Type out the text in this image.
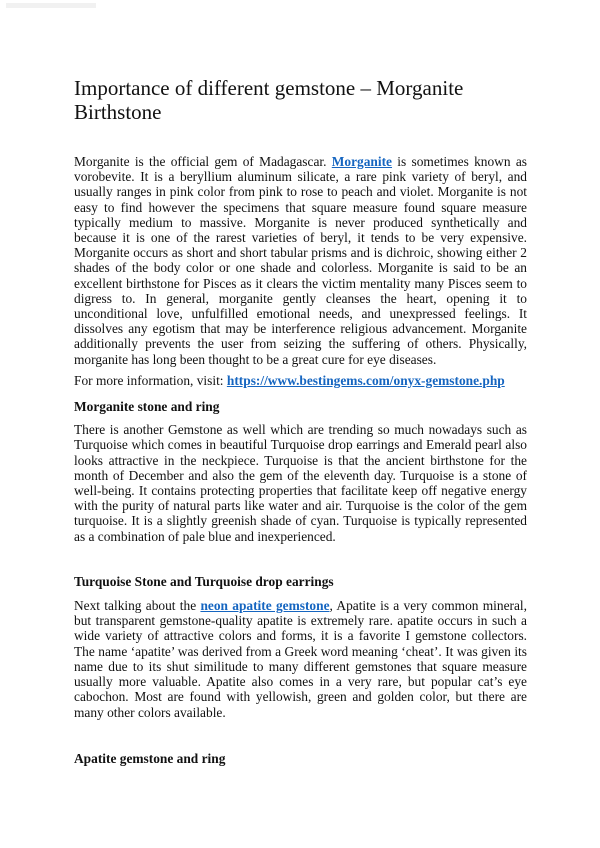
Importance of different gemstone – Morganite Birthstone

Morganite is the official gem of Madagascar. Morganite is sometimes known as vorobevite. It is a beryllium aluminum silicate, a rare pink variety of beryl, and usually ranges in pink color from pink to rose to peach and violet. Morganite is not easy to find however the specimens that square measure found square measure typically medium to massive. Morganite is never produced synthetically and because it is one of the rarest varieties of beryl, it tends to be very expensive. Morganite occurs as short and short tabular prisms and is dichroic, showing either 2 shades of the body color or one shade and colorless. Morganite is said to be an excellent birthstone for Pisces as it clears the victim mentality many Pisces seem to digress to. In general, morganite gently cleanses the heart, opening it to unconditional love, unfulfilled emotional needs, and unexpressed feelings. It dissolves any egotism that may be interference religious advancement. Morganite additionally prevents the user from seizing the suffering of others. Physically, morganite has long been thought to be a great cure for eye diseases.

For more information, visit: https://www.bestingems.com/onyx-gemstone.php

Morganite stone and ring

There is another Gemstone as well which are trending so much nowadays such as Turquoise which comes in beautiful Turquoise drop earrings and Emerald pearl also looks attractive in the neckpiece. Turquoise is that the ancient birthstone for the month of December and also the gem of the eleventh day. Turquoise is a stone of well-being. It contains protecting properties that facilitate keep off negative energy with the purity of natural parts like water and air. Turquoise is the color of the gem turquoise. It is a slightly greenish shade of cyan. Turquoise is typically represented as a combination of pale blue and inexperienced.

Turquoise Stone and Turquoise drop earrings

Next talking about the neon apatite gemstone, Apatite is a very common mineral, but transparent gemstone-quality apatite is extremely rare. apatite occurs in such a wide variety of attractive colors and forms, it is a favorite I gemstone collectors. The name ‘apatite’ was derived from a Greek word meaning ‘cheat’. It was given its name due to its shut similitude to many different gemstones that square measure usually more valuable. Apatite also comes in a very rare, but popular cat’s eye cabochon. Most are found with yellowish, green and golden color, but there are many other colors available.

Apatite gemstone and ring
